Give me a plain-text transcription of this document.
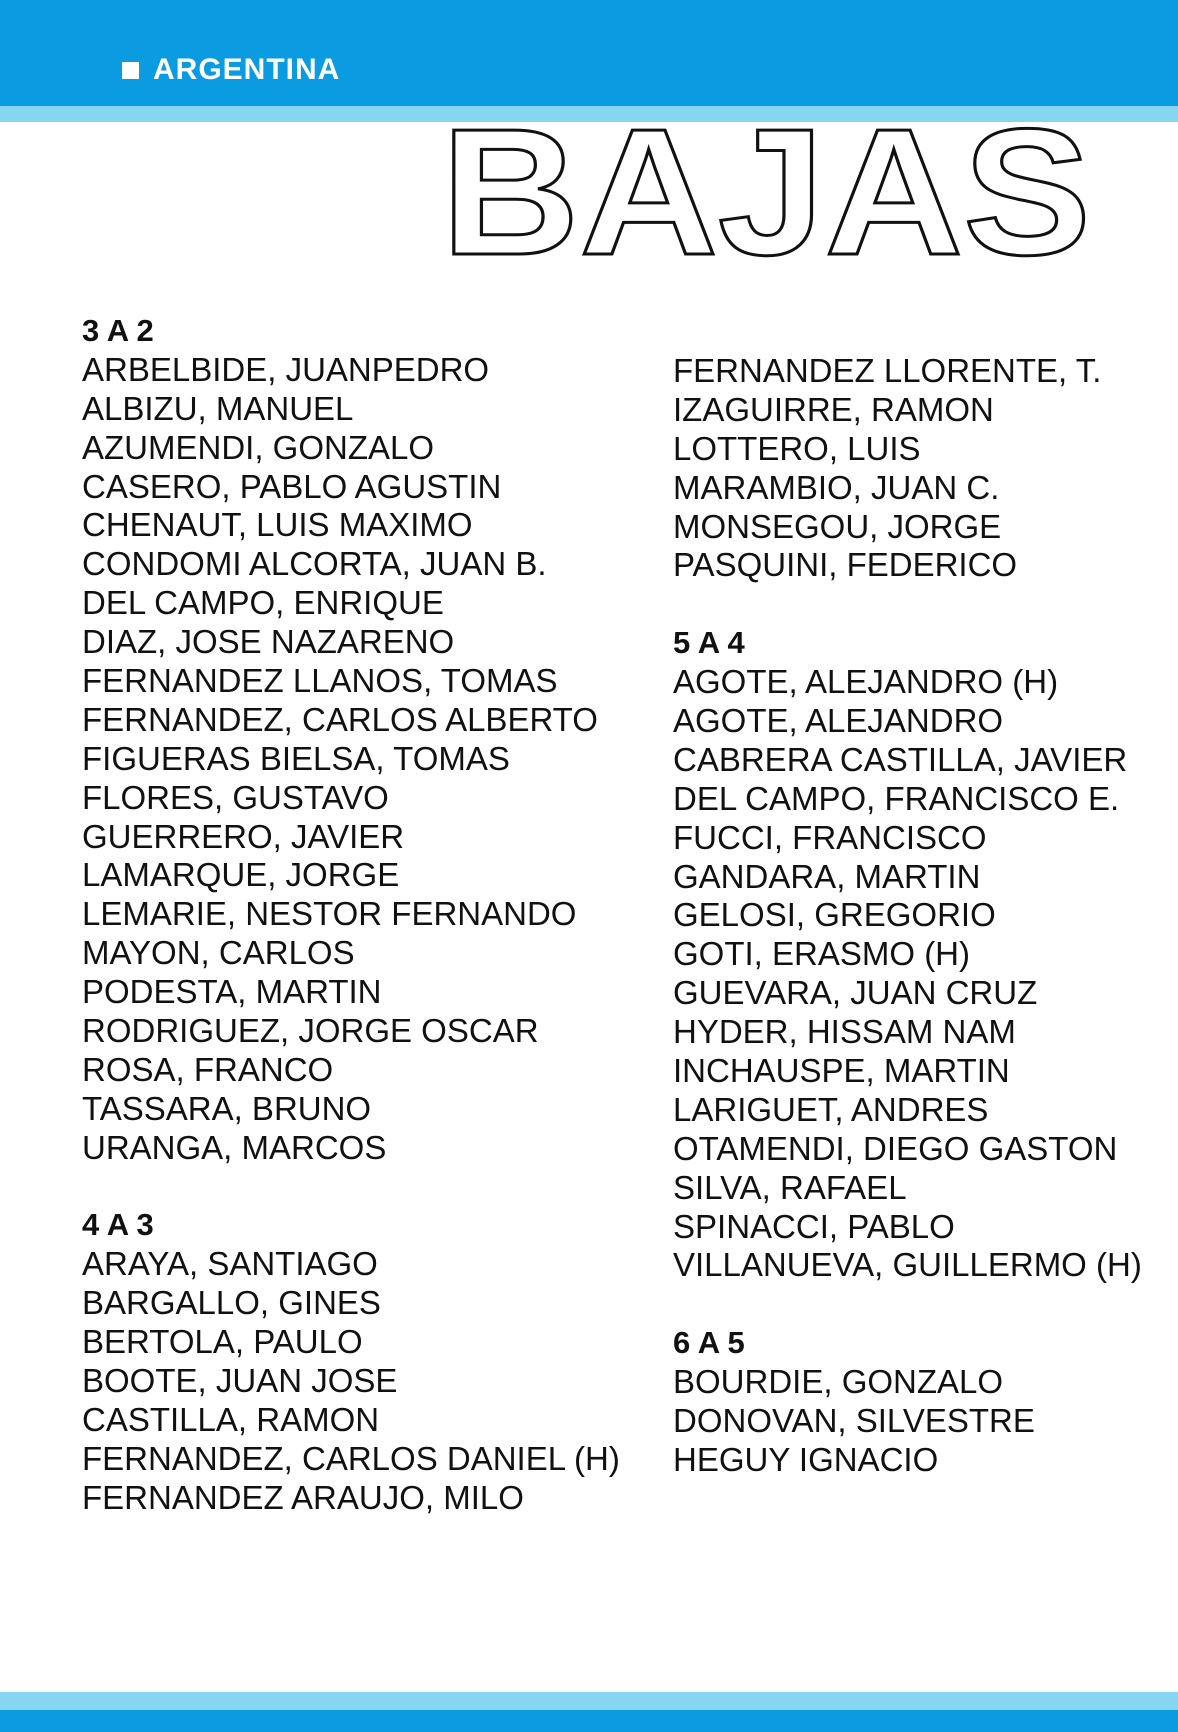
ARGENTINA
BAJAS
3 A 2
ARBELBIDE, JUANPEDRO
ALBIZU, MANUEL
AZUMENDI, GONZALO
CASERO, PABLO AGUSTIN
CHENAUT, LUIS MAXIMO
CONDOMI ALCORTA, JUAN B.
DEL CAMPO, ENRIQUE
DIAZ, JOSE NAZARENO
FERNANDEZ LLANOS, TOMAS
FERNANDEZ, CARLOS ALBERTO
FIGUERAS BIELSA, TOMAS
FLORES, GUSTAVO
GUERRERO, JAVIER
LAMARQUE, JORGE
LEMARIE, NESTOR FERNANDO
MAYON, CARLOS
PODESTA, MARTIN
RODRIGUEZ, JORGE OSCAR
ROSA, FRANCO
TASSARA, BRUNO
URANGA, MARCOS
4 A 3
ARAYA, SANTIAGO
BARGALLO, GINES
BERTOLA, PAULO
BOOTE, JUAN JOSE
CASTILLA, RAMON
FERNANDEZ, CARLOS DANIEL (H)
FERNANDEZ ARAUJO, MILO
FERNANDEZ LLORENTE, T.
IZAGUIRRE, RAMON
LOTTERO, LUIS
MARAMBIO, JUAN C.
MONSEGOU, JORGE
PASQUINI, FEDERICO
5 A 4
AGOTE, ALEJANDRO (H)
AGOTE, ALEJANDRO
CABRERA CASTILLA, JAVIER
DEL CAMPO, FRANCISCO E.
FUCCI, FRANCISCO
GANDARA, MARTIN
GELOSI, GREGORIO
GOTI, ERASMO (H)
GUEVARA, JUAN CRUZ
HYDER, HISSAM NAM
INCHAUSPE, MARTIN
LARIGUET, ANDRES
OTAMENDI, DIEGO GASTON
SILVA, RAFAEL
SPINACCI, PABLO
VILLANUEVA, GUILLERMO (H)
6 A 5
BOURDIE, GONZALO
DONOVAN, SILVESTRE
HEGUY IGNACIO
